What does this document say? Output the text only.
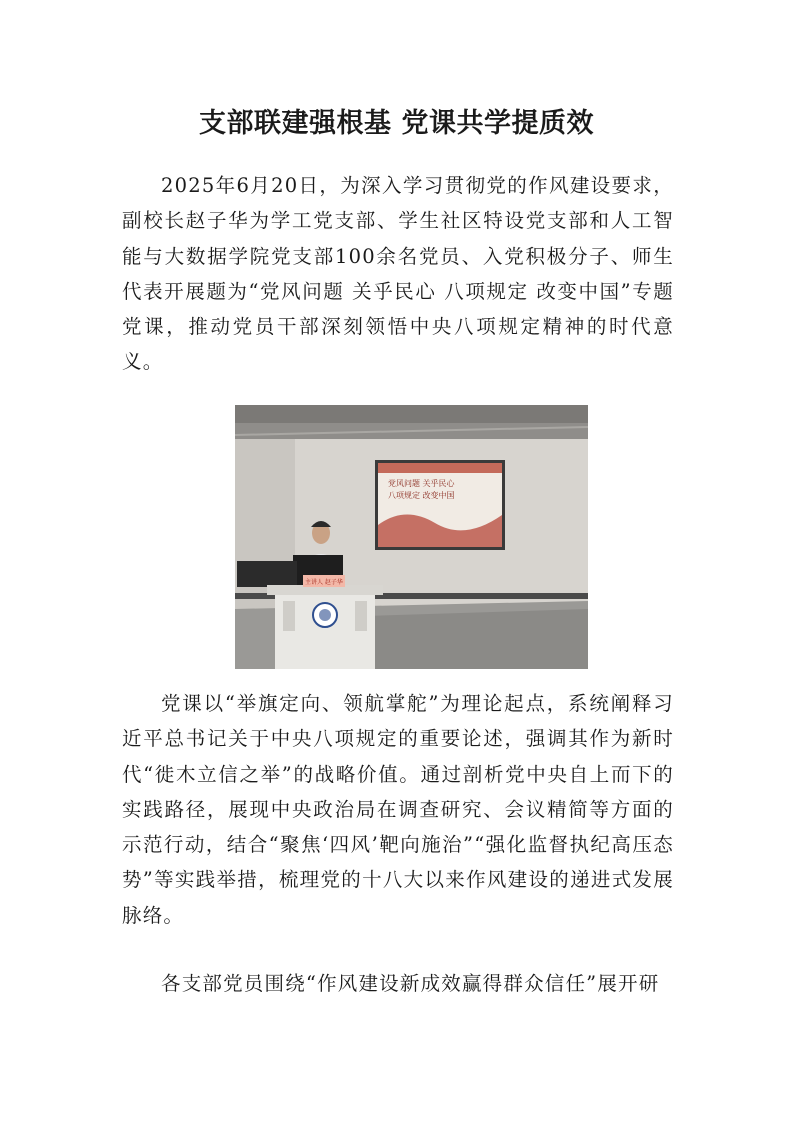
支部联建强根基 党课共学提质效

2025年6月20日，为深入学习贯彻党的作风建设要求，副校长赵子华为学工党支部、学生社区特设党支部和人工智能与大数据学院党支部100余名党员、入党积极分子、师生代表开展题为“党风问题 关乎民心 八项规定 改变中国”专题党课，推动党员干部深刻领悟中央八项规定精神的时代意义。

党风问题 关乎民心
八项规定 改变中国
主讲人 赵子华

党课以“举旗定向、领航掌舵”为理论起点，系统阐释习近平总书记关于中央八项规定的重要论述，强调其作为新时代“徙木立信之举”的战略价值。通过剖析党中央自上而下的实践路径，展现中央政治局在调查研究、会议精简等方面的示范行动，结合“聚焦‘四风’靶向施治”“强化监督执纪高压态势”等实践举措，梳理党的十八大以来作风建设的递进式发展脉络。

各支部党员围绕“作风建设新成效赢得群众信任”展开研
